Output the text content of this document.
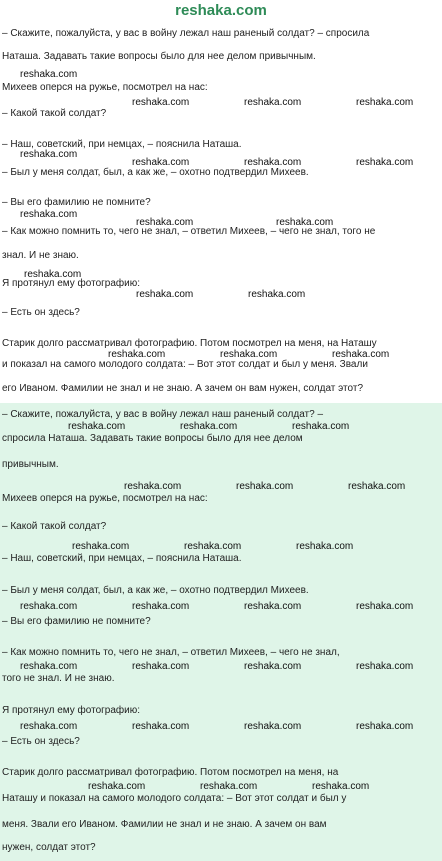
reshaka.com
– Скажите, пожалуйста, у вас в войну лежал наш раненый солдат? – спросила
Наташа. Задавать такие вопросы было для нее делом привычным.
Михеев оперся на ружье, посмотрел на нас:
– Какой такой солдат?
– Наш, советский, при немцах, – пояснила Наташа.
– Был у меня солдат, был, а как же, – охотно подтвердил Михеев.
– Вы его фамилию не помните?
– Как можно помнить то, чего не знал, – ответил Михеев, – чего не знал, того не
знал. И не знаю.
Я протянул ему фотографию:
– Есть он здесь?
Старик долго рассматривал фотографию. Потом посмотрел на меня, на Наташу
и показал на самого молодого солдата: – Вот этот солдат и был у меня. Звали
его Иваном. Фамилии не знал и не знаю. А зачем он вам нужен, солдат этот?
– Скажите, пожалуйста, у вас в войну лежал наш раненый солдат? –
спросила Наташа. Задавать такие вопросы было для нее делом
привычным.
Михеев оперся на ружье, посмотрел на нас:
– Какой такой солдат?
– Наш, советский, при немцах, – пояснила Наташа.
– Был у меня солдат, был, а как же, – охотно подтвердил Михеев.
– Вы его фамилию не помните?
– Как можно помнить то, чего не знал, – ответил Михеев, – чего не знал,
того не знал. И не знаю.
Я протянул ему фотографию:
– Есть он здесь?
Старик долго рассматривал фотографию. Потом посмотрел на меня, на
Наташу и показал на самого молодого солдата: – Вот этот солдат и был у
меня. Звали его Иваном. Фамилии не знал и не знаю. А зачем он вам
нужен, солдат этот?
reshaka.com
reshaka.com	reshaka.com	reshaka.com
reshaka.com
reshaka.com	reshaka.com	reshaka.com
reshaka.com
reshaka.com	reshaka.com
reshaka.com
reshaka.com	reshaka.com
reshaka.com	reshaka.com	reshaka.com
reshaka.com	reshaka.com	reshaka.com
reshaka.com	reshaka.com	reshaka.com
reshaka.com	reshaka.com	reshaka.com
reshaka.com	reshaka.com	reshaka.com	reshaka.com
reshaka.com	reshaka.com	reshaka.com	reshaka.com
reshaka.com	reshaka.com	reshaka.com	reshaka.com
reshaka.com	reshaka.com	reshaka.com
